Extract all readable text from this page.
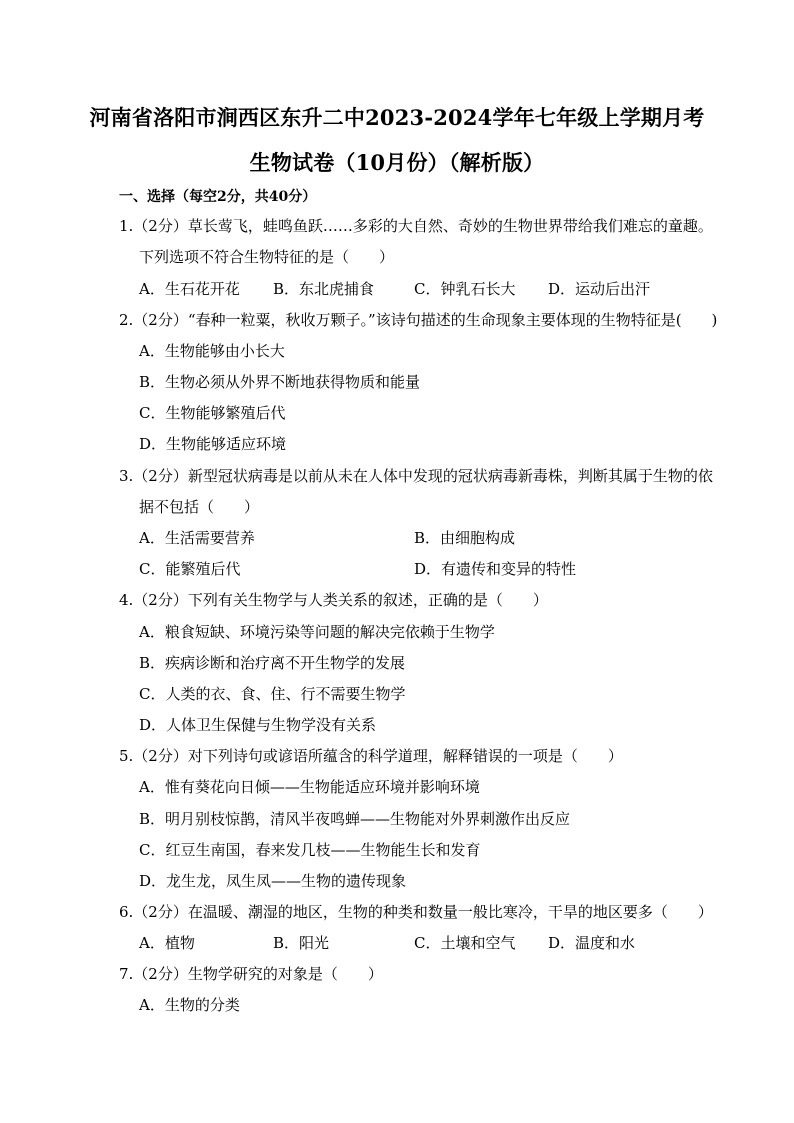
河南省洛阳市涧西区东升二中2023-2024学年七年级上学期月考
生物试卷（10月份）（解析版）
一、选择（每空2分，共40分）
1.（2分）草长莺飞，蛙鸣鱼跃……多彩的大自然、奇妙的生物世界带给我们难忘的童趣。
下列选项不符合生物特征的是（　　）
A．生石花开花 B．东北虎捕食	C．钟乳石长大 D．运动后出汗
2.（2分）“春种一粒粟，秋收万颗子。”该诗句描述的生命现象主要体现的生物特征是(　　)
A．生物能够由小长大
B．生物必须从外界不断地获得物质和能量
C．生物能够繁殖后代
D．生物能够适应环境
3.（2分）新型冠状病毒是以前从未在人体中发现的冠状病毒新毒株，判断其属于生物的依
据不包括（　　）
A．生活需要营养	B．由细胞构成
C．能繁殖后代	D．有遗传和变异的特性
4.（2分）下列有关生物学与人类关系的叙述，正确的是（　　）
A．粮食短缺、环境污染等问题的解决完依赖于生物学
B．疾病诊断和治疗离不开生物学的发展
C．人类的衣、食、住、行不需要生物学
D．人体卫生保健与生物学没有关系
5.（2分）对下列诗句或谚语所蕴含的科学道理，解释错误的一项是（　　）
A．惟有葵花向日倾——生物能适应环境并影响环境
B．明月别枝惊鹊，清风半夜鸣蝉——生物能对外界刺激作出反应
C．红豆生南国，春来发几枝——生物能生长和发育
D．龙生龙，凤生凤——生物的遗传现象
6.（2分）在温暖、潮湿的地区，生物的种类和数量一般比寒冷，干旱的地区要多（　　）
A．植物	B．阳光	C．土壤和空气 D．温度和水
7.（2分）生物学研究的对象是（　　）
A．生物的分类
